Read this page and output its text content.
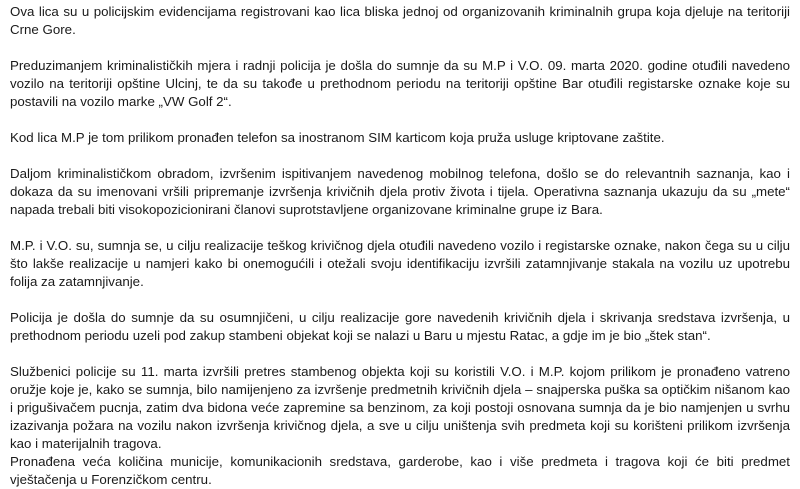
Ova lica su u policijskim evidencijama registrovani kao lica bliska jednoj od organizovanih kriminalnih grupa koja djeluje na teritoriji Crne Gore.

Preduzimanjem kriminalističkih mjera i radnji policija je došla do sumnje da su M.P i V.O. 09. marta 2020. godine otuđili navedeno vozilo na teritoriji opštine Ulcinj, te da su takođe u prethodnom periodu na teritoriji opštine Bar otuđili registarske oznake koje su postavili na vozilo marke „VW Golf 2“.

Kod lica M.P je tom prilikom pronađen telefon sa inostranom SIM karticom koja pruža usluge kriptovane zaštite.

Daljom kriminalističkom obradom, izvršenim ispitivanjem navedenog mobilnog telefona, došlo se do relevantnih saznanja, kao i dokaza da su imenovani vršili pripremanje izvršenja krivičnih djela protiv života i tijela. Operativna saznanja ukazuju da su „mete“ napada trebali biti visokopozicionirani članovi suprotstavljene organizovane kriminalne grupe iz Bara.

M.P. i V.O. su, sumnja se, u cilju realizacije teškog krivičnog djela otuđili navedeno vozilo i registarske oznake, nakon čega su u cilju što lakše realizacije u namjeri kako bi onemogućili i otežali svoju identifikaciju izvršili zatamnjivanje stakala na vozilu uz upotrebu folija za zatamnjivanje.

Policija je došla do sumnje da su osumnjičeni, u cilju realizacije gore navedenih krivičnih djela i skrivanja sredstava izvršenja, u prethodnom periodu uzeli pod zakup stambeni objekat koji se nalazi u Baru u mjestu Ratac, a gdje im je bio „štek stan“.

Službenici policije su 11. marta izvršili pretres stambenog objekta koji su koristili V.O. i M.P. kojom prilikom je pronađeno vatreno oružje koje je, kako se sumnja, bilo namijenjeno za izvršenje predmetnih krivičnih djela – snajperska puška sa optičkim nišanom kao i prigušivačem pucnja, zatim dva bidona veće zapremine sa benzinom, za koji postoji osnovana sumnja da je bio namjenjen u svrhu izazivanja požara na vozilu nakon izvršenja krivičnog djela, a sve u cilju uništenja svih predmeta koji su korišteni prilikom izvršenja kao i materijalnih tragova.

Pronađena veća količina municije, komunikacionih sredstava, garderobe, kao i više predmeta i tragova koji će biti predmet vještačenja u Forenzičkom centru.
